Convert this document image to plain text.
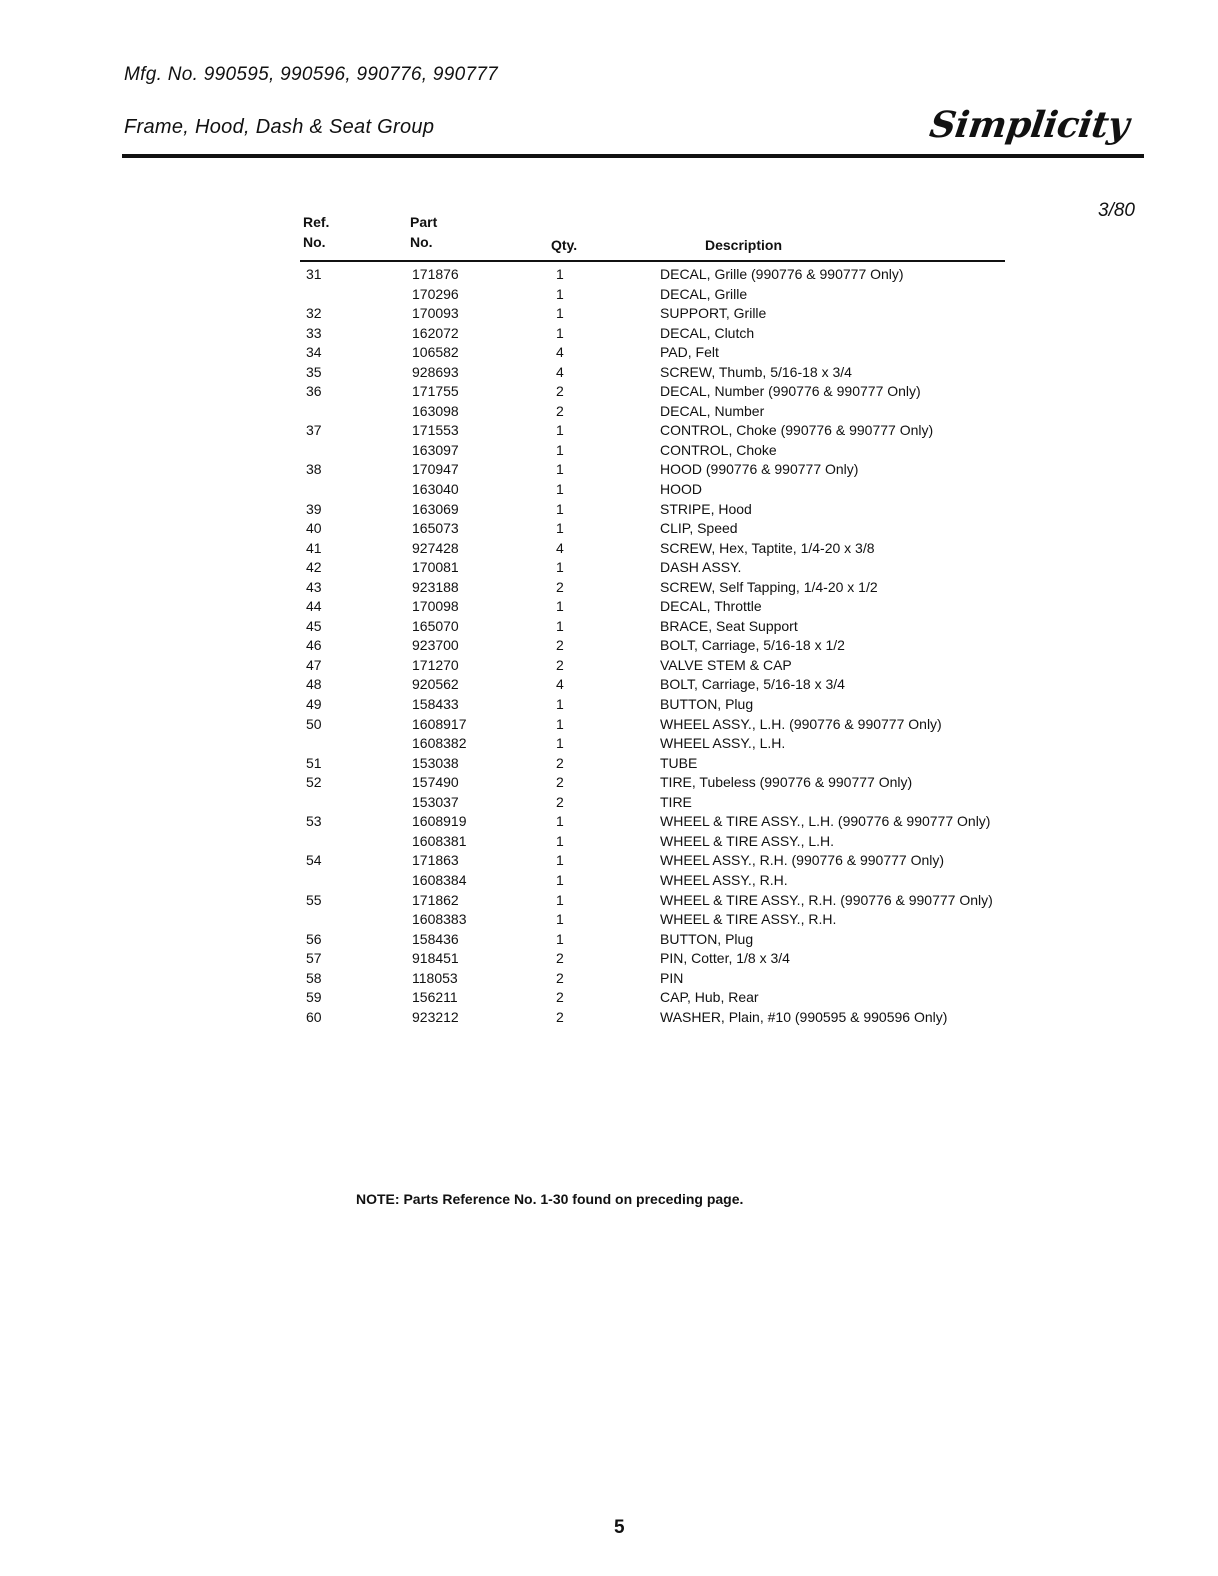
Mfg. No. 990595, 990596, 990776, 990777
Frame, Hood, Dash & Seat Group	Simplicity
3/80
Ref.
No.
Part
No.	Qty.	Description
31	171876	1	DECAL, Grille (990776 & 990777 Only)
170296	1	DECAL, Grille
32	170093	1	SUPPORT, Grille
33	162072	1	DECAL, Clutch
34	106582	4	PAD, Felt
35	928693	4	SCREW, Thumb, 5/16-18 x 3/4
36	171755	2	DECAL, Number (990776 & 990777 Only)
163098	2	DECAL, Number
37	171553	1	CONTROL, Choke (990776 & 990777 Only)
163097	1	CONTROL, Choke
38	170947	1	HOOD (990776 & 990777 Only)
163040	1	HOOD
39	163069	1	STRIPE, Hood
40	165073	1	CLIP, Speed
41	927428	4	SCREW, Hex, Taptite, 1/4-20 x 3/8
42	170081	1	DASH ASSY.
43	923188	2	SCREW, Self Tapping, 1/4-20 x 1/2
44	170098	1	DECAL, Throttle
45	165070	1	BRACE, Seat Support
46	923700	2	BOLT, Carriage, 5/16-18 x 1/2
47	171270	2	VALVE STEM & CAP
48	920562	4	BOLT, Carriage, 5/16-18 x 3/4
49	158433	1	BUTTON, Plug
50	1608917	1	WHEEL ASSY., L.H. (990776 & 990777 Only)
1608382	1	WHEEL ASSY., L.H.
51	153038	2	TUBE
52	157490	2	TIRE, Tubeless (990776 & 990777 Only)
153037	2	TIRE
53	1608919	1	WHEEL & TIRE ASSY., L.H. (990776 & 990777 Only)
1608381	1	WHEEL & TIRE ASSY., L.H.
54	171863	1	WHEEL ASSY., R.H. (990776 & 990777 Only)
1608384	1	WHEEL ASSY., R.H.
55	171862	1	WHEEL & TIRE ASSY., R.H. (990776 & 990777 Only)
1608383	1	WHEEL & TIRE ASSY., R.H.
56	158436	1	BUTTON, Plug
57	918451	2	PIN, Cotter, 1/8 x 3/4
58	118053	2	PIN
59	156211	2	CAP, Hub, Rear
60	923212	2	WASHER, Plain, #10 (990595 & 990596 Only)
NOTE: Parts Reference No. 1-30 found on preceding page.
5
